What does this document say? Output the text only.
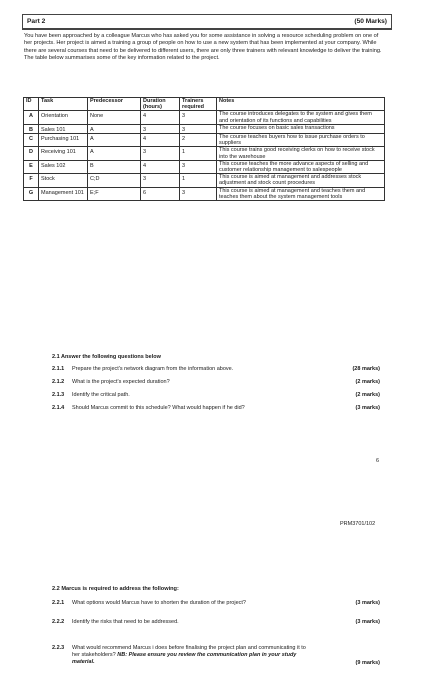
Part 2	(50 Marks)
You have been approached by a colleague Marcus who has asked you for some assistance in solving a resource scheduling problem on one of her projects. Her project is aimed a training a group of people on how to use a new system that has been implemented at your company. While there are several courses that need to be delivered to different users, there are only three trainers with relevant knowledge to deliver the training. The table below summarises some of the key information related to the project.
ID	Task	Predecessor	Duration (hours)	Trainers required	Notes
A	Orientation	None	4	3	The course introduces delegates to the system and gives them and orientation of its functions and capabilities
B	Sales 101	A	3	3	The course focuses on basic sales transactions
C	Purchasing 101	A	4	2	The course teaches buyers how to issue purchase orders to suppliers
D	Receiving 101	A	3	1	This course trains good receiving clerks on how to receive stock into the warehouse
E	Sales 102	B	4	3	This course teaches the more advance aspects of selling and customer relationship management to salespeople
F	Stock	C;D	3	1	This course is aimed at management and addresses stock adjustment and stock count procedures
G	Management 101	E;F	6	3	This course is aimed at management and teaches them and teaches them about the system management tools
2.1 Answer the following questions below
2.1.1 Prepare the project's network diagram from the information above.	(28 marks)
2.1.2 What is the project's expected duration?	(2 marks)
2.1.3 Identify the critical path.	(2 marks)
2.1.4 Should Marcus commit to this schedule? What would happen if he did?	(3 marks)
6
PRM3701/102
2.2 Marcus is required to address the following:
2.2.1 What options would Marcus have to shorten the duration of the project?	(3 marks)
2.2.2 Identify the risks that need to be addressed.	(3 marks)
2.2.3	What would recommend Marcus i does before finalising the project plan and communicating it to her stakeholders? NB: Please ensure you review the communication plan in your study material.	(9 marks)
